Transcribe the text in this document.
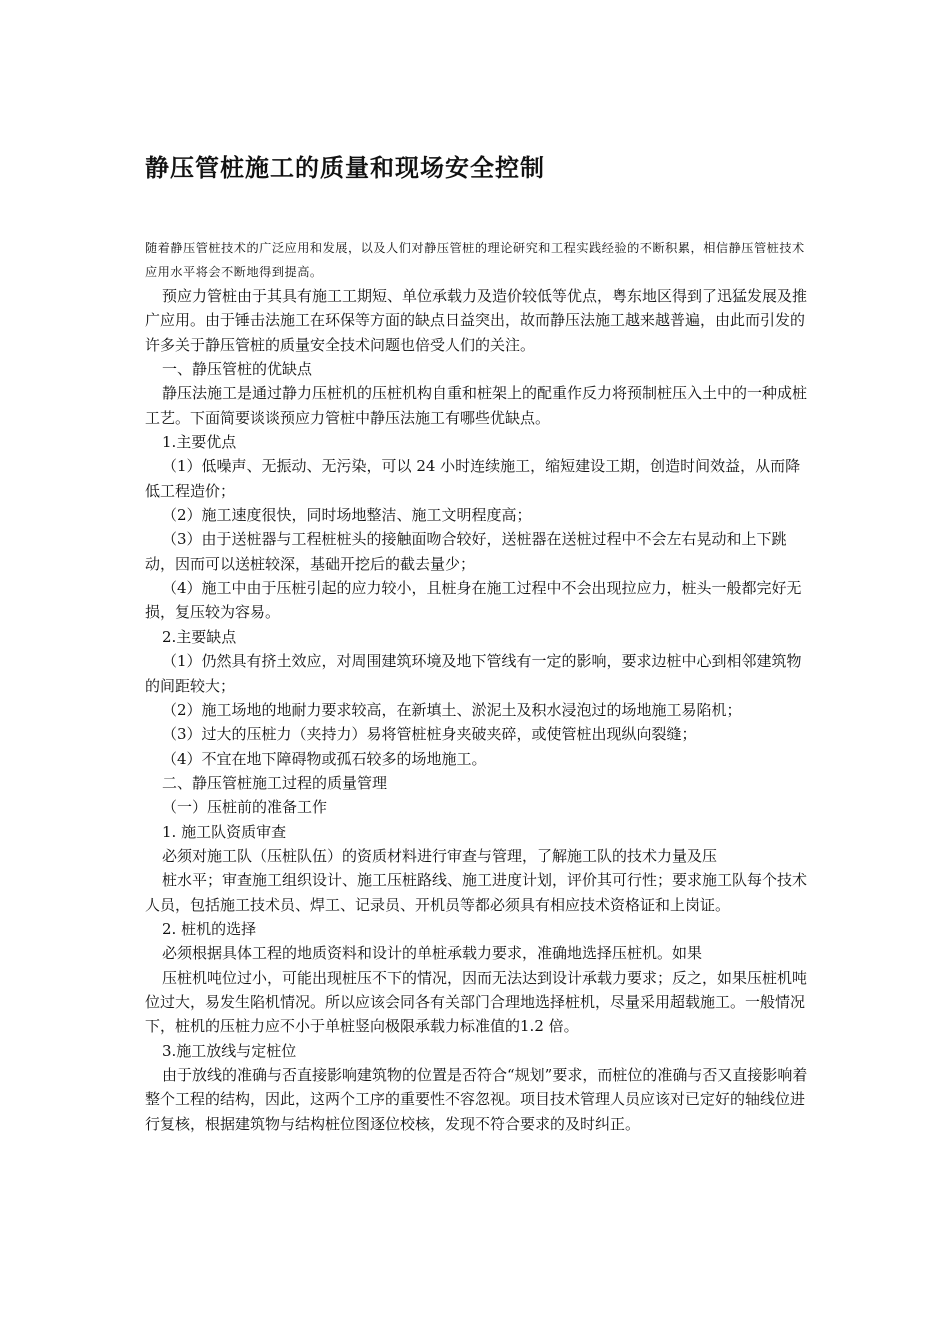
静压管桩施工的质量和现场安全控制

随着静压管桩技术的广泛应用和发展，以及人们对静压管桩的理论研究和工程实践经验的不断积累，相信静压管桩技术应用水平将会不断地得到提高。

预应力管桩由于其具有施工工期短、单位承载力及造价较低等优点，粤东地区得到了迅猛发展及推广应用。由于锤击法施工在环保等方面的缺点日益突出，故而静压法施工越来越普遍，由此而引发的许多关于静压管桩的质量安全技术问题也倍受人们的关注。

一、静压管桩的优缺点

静压法施工是通过静力压桩机的压桩机构自重和桩架上的配重作反力将预制桩压入土中的一种成桩工艺。下面简要谈谈预应力管桩中静压法施工有哪些优缺点。

1.主要优点

（1）低噪声、无振动、无污染，可以 24 小时连续施工，缩短建设工期，创造时间效益，从而降低工程造价；

（2）施工速度很快，同时场地整洁、施工文明程度高；

（3）由于送桩器与工程桩桩头的接触面吻合较好，送桩器在送桩过程中不会左右晃动和上下跳动，因而可以送桩较深，基础开挖后的截去量少；

（4）施工中由于压桩引起的应力较小，且桩身在施工过程中不会出现拉应力，桩头一般都完好无损，复压较为容易。

2.主要缺点

（1）仍然具有挤土效应，对周围建筑环境及地下管线有一定的影响，要求边桩中心到相邻建筑物的间距较大；

（2）施工场地的地耐力要求较高，在新填土、淤泥土及积水浸泡过的场地施工易陷机；

（3）过大的压桩力（夹持力）易将管桩桩身夹破夹碎，或使管桩出现纵向裂缝；

（4）不宜在地下障碍物或孤石较多的场地施工。

二、静压管桩施工过程的质量管理

（一）压桩前的准备工作

1. 施工队资质审查

必须对施工队（压桩队伍）的资质材料进行审查与管理，了解施工队的技术力量及压

桩水平；审查施工组织设计、施工压桩路线、施工进度计划，评价其可行性；要求施工队每个技术人员，包括施工技术员、焊工、记录员、开机员等都必须具有相应技术资格证和上岗证。

2. 桩机的选择

必须根据具体工程的地质资料和设计的单桩承载力要求，准确地选择压桩机。如果

压桩机吨位过小，可能出现桩压不下的情况，因而无法达到设计承载力要求；反之，如果压桩机吨位过大，易发生陷机情况。所以应该会同各有关部门合理地选择桩机，尽量采用超载施工。一般情况下，桩机的压桩力应不小于单桩竖向极限承载力标准值的1.2 倍。

3.施工放线与定桩位

由于放线的准确与否直接影响建筑物的位置是否符合“规划”要求，而桩位的准确与否又直接影响着整个工程的结构，因此，这两个工序的重要性不容忽视。项目技术管理人员应该对已定好的轴线位进行复核，根据建筑物与结构桩位图逐位校核，发现不符合要求的及时纠正。
